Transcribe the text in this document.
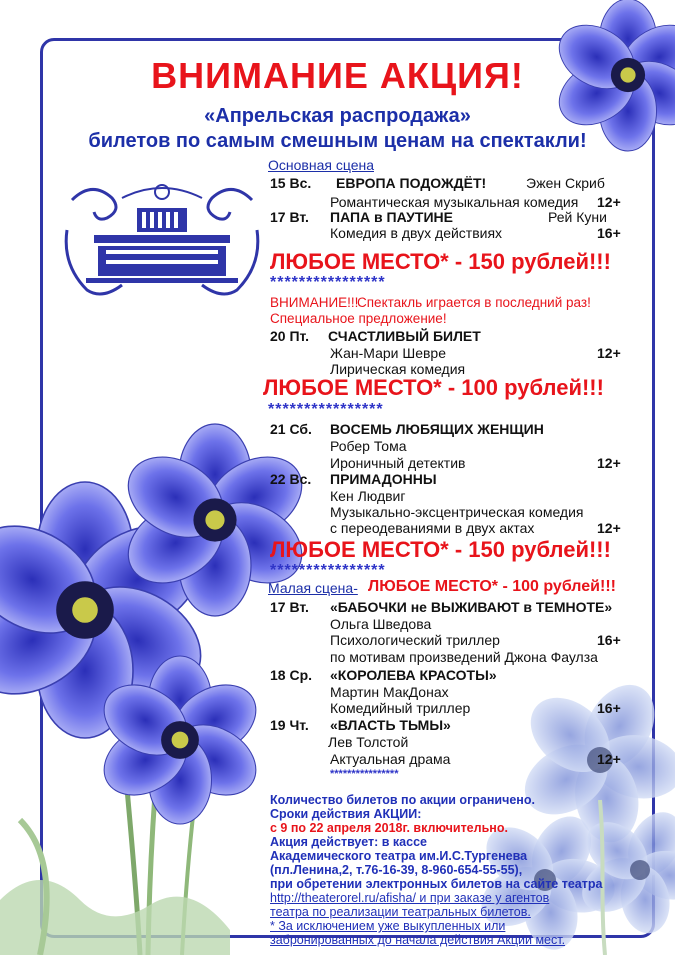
ВНИМАНИЕ АКЦИЯ!
«Апрельская распродажа»
билетов по самым смешным ценам на спектакли!
Основная сцена
15 Вс. ЕВРОПА ПОДОЖДЁТ!	Эжен Скриб
Романтическая музыкальная комедия 12+
17 Вт. ПАПА в ПАУТИНЕ	Рей Куни
Комедия в двух действиях	16+
ЛЮБОЕ МЕСТО* - 150 рублей!!!
****************
ВНИМАНИЕ!!!
Спектакль играется в последний раз!
Специальное предложение!
20 Пт. СЧАСТЛИВЫЙ БИЛЕТ
Жан-Мари Шевре	12+
Лирическая комедия
ЛЮБОЕ МЕСТО* - 100 рублей!!!
****************
21 Сб. ВОСЕМЬ ЛЮБЯЩИХ ЖЕНЩИН
Робер Тома
Ироничный детектив	12+
22 Вс. ПРИМАДОННЫ
Кен Людвиг
Музыкально-эксцентрическая комедия
с переодеваниями в двух актах	12+
ЛЮБОЕ МЕСТО* - 150 рублей!!!
****************
Малая сцена- ЛЮБОЕ МЕСТО* - 100 рублей!!!
17 Вт. «БАБОЧКИ не ВЫЖИВАЮТ в ТЕМНОТЕ»
Ольга Шведова
Психологический триллер	16+
по мотивам произведений Джона Фаулза
18 Ср. «КОРОЛЕВА КРАСОТЫ»
Мартин МакДонах
Комедийный триллер	16+
19 Чт. «ВЛАСТЬ ТЬМЫ»
Лев Толстой
Актуальная драма	12+
****************
Количество билетов по акции ограничено.
Сроки действия АКЦИИ:
с 9 по 22 апреля 2018г. включительно.
Акция действует: в кассе
Академического театра им.И.С.Тургенева
(пл.Ленина,2, т.76-16-39, 8-960-654-55-55),
при обретении электронных билетов на сайте театра
http://theaterorel.ru/afisha/ и при заказе у агентов
театра по реализации театральных билетов.
* За исключением уже выкупленных или
забронированных до начала действия Акции мест.
